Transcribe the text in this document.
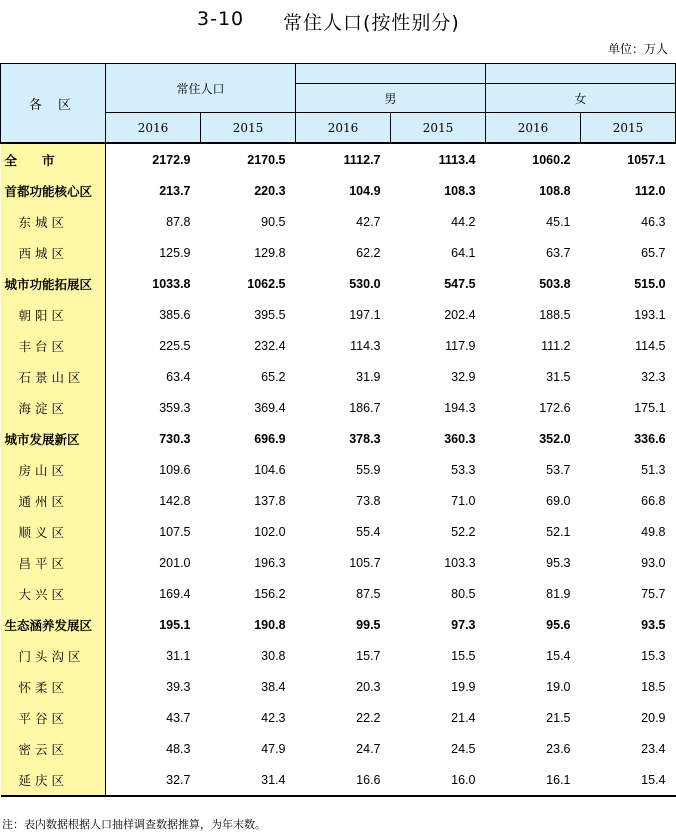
3-10 常住人口(按性别分)
单位：万人
各 区	常住人口					
			男		女	
	2016	2015	2016	2015	2016	2015
全　　市	2172.9	2170.5	1112.7	1113.4	1060.2	1057.1
首都功能核心区	213.7	220.3	104.9	108.3	108.8	112.0
东城区	87.8	90.5	42.7	44.2	45.1	46.3
西城区	125.9	129.8	62.2	64.1	63.7	65.7
城市功能拓展区	1033.8	1062.5	530.0	547.5	503.8	515.0
朝阳区	385.6	395.5	197.1	202.4	188.5	193.1
丰台区	225.5	232.4	114.3	117.9	111.2	114.5
石景山区	63.4	65.2	31.9	32.9	31.5	32.3
海淀区	359.3	369.4	186.7	194.3	172.6	175.1
城市发展新区	730.3	696.9	378.3	360.3	352.0	336.6
房山区	109.6	104.6	55.9	53.3	53.7	51.3
通州区	142.8	137.8	73.8	71.0	69.0	66.8
顺义区	107.5	102.0	55.4	52.2	52.1	49.8
昌平区	201.0	196.3	105.7	103.3	95.3	93.0
大兴区	169.4	156.2	87.5	80.5	81.9	75.7
生态涵养发展区	195.1	190.8	99.5	97.3	95.6	93.5
门头沟区	31.1	30.8	15.7	15.5	15.4	15.3
怀柔区	39.3	38.4	20.3	19.9	19.0	18.5
平谷区	43.7	42.3	22.2	21.4	21.5	20.9
密云区	48.3	47.9	24.7	24.5	23.6	23.4
延庆区	32.7	31.4	16.6	16.0	16.1	15.4
注：表内数据根据人口抽样调查数据推算，为年末数。
